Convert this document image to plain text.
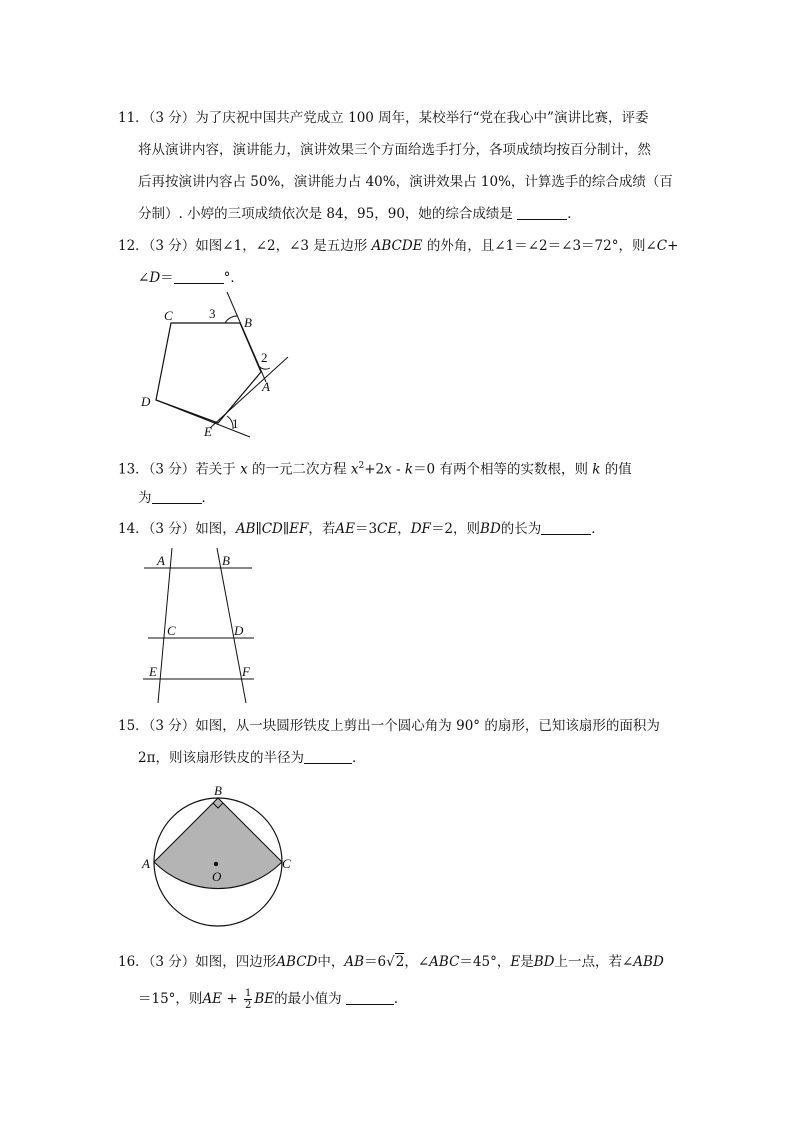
11．（3 分）为了庆祝中国共产党成立 100 周年，某校举行“党在我心中”演讲比赛，评委
将从演讲内容，演讲能力，演讲效果三个方面给选手打分，各项成绩均按百分制计，然
后再按演讲内容占 50%，演讲能力占 40%，演讲效果占 10%，计算选手的综合成绩（百
分制）. 小婷的三项成绩依次是 84，95，90，她的综合成绩是	．
12．（3 分）如图∠1，∠2，∠3 是五边形 ABCDE 的外角，且∠1＝∠2＝∠3＝72°，则∠C+
∠D＝	°．
C	B
A
D
E
3
2
1
13．（3 分）若关于 x 的一元二次方程 $x^2+2x - k=0$ 有两个相等的实数根，则 k 的值
为	．
14．（3 分）如图，AB∥CD∥EF，若AE＝3CE，DF＝2，则BD的长为	．
A	B
C	D
E	F
15．（3 分）如图，从一块圆形铁皮上剪出一个圆心角为 90° 的扇形，已知该扇形的面积为
2π，则该扇形铁皮的半径为	．
B
A	C
O
16．（3 分）如图，四边形ABCD中，AB＝6√2，∠ABC＝45°，E是BD上一点，若∠ABD
＝15°，则AE + $\frac{1}{2}$ BE的最小值为	．
